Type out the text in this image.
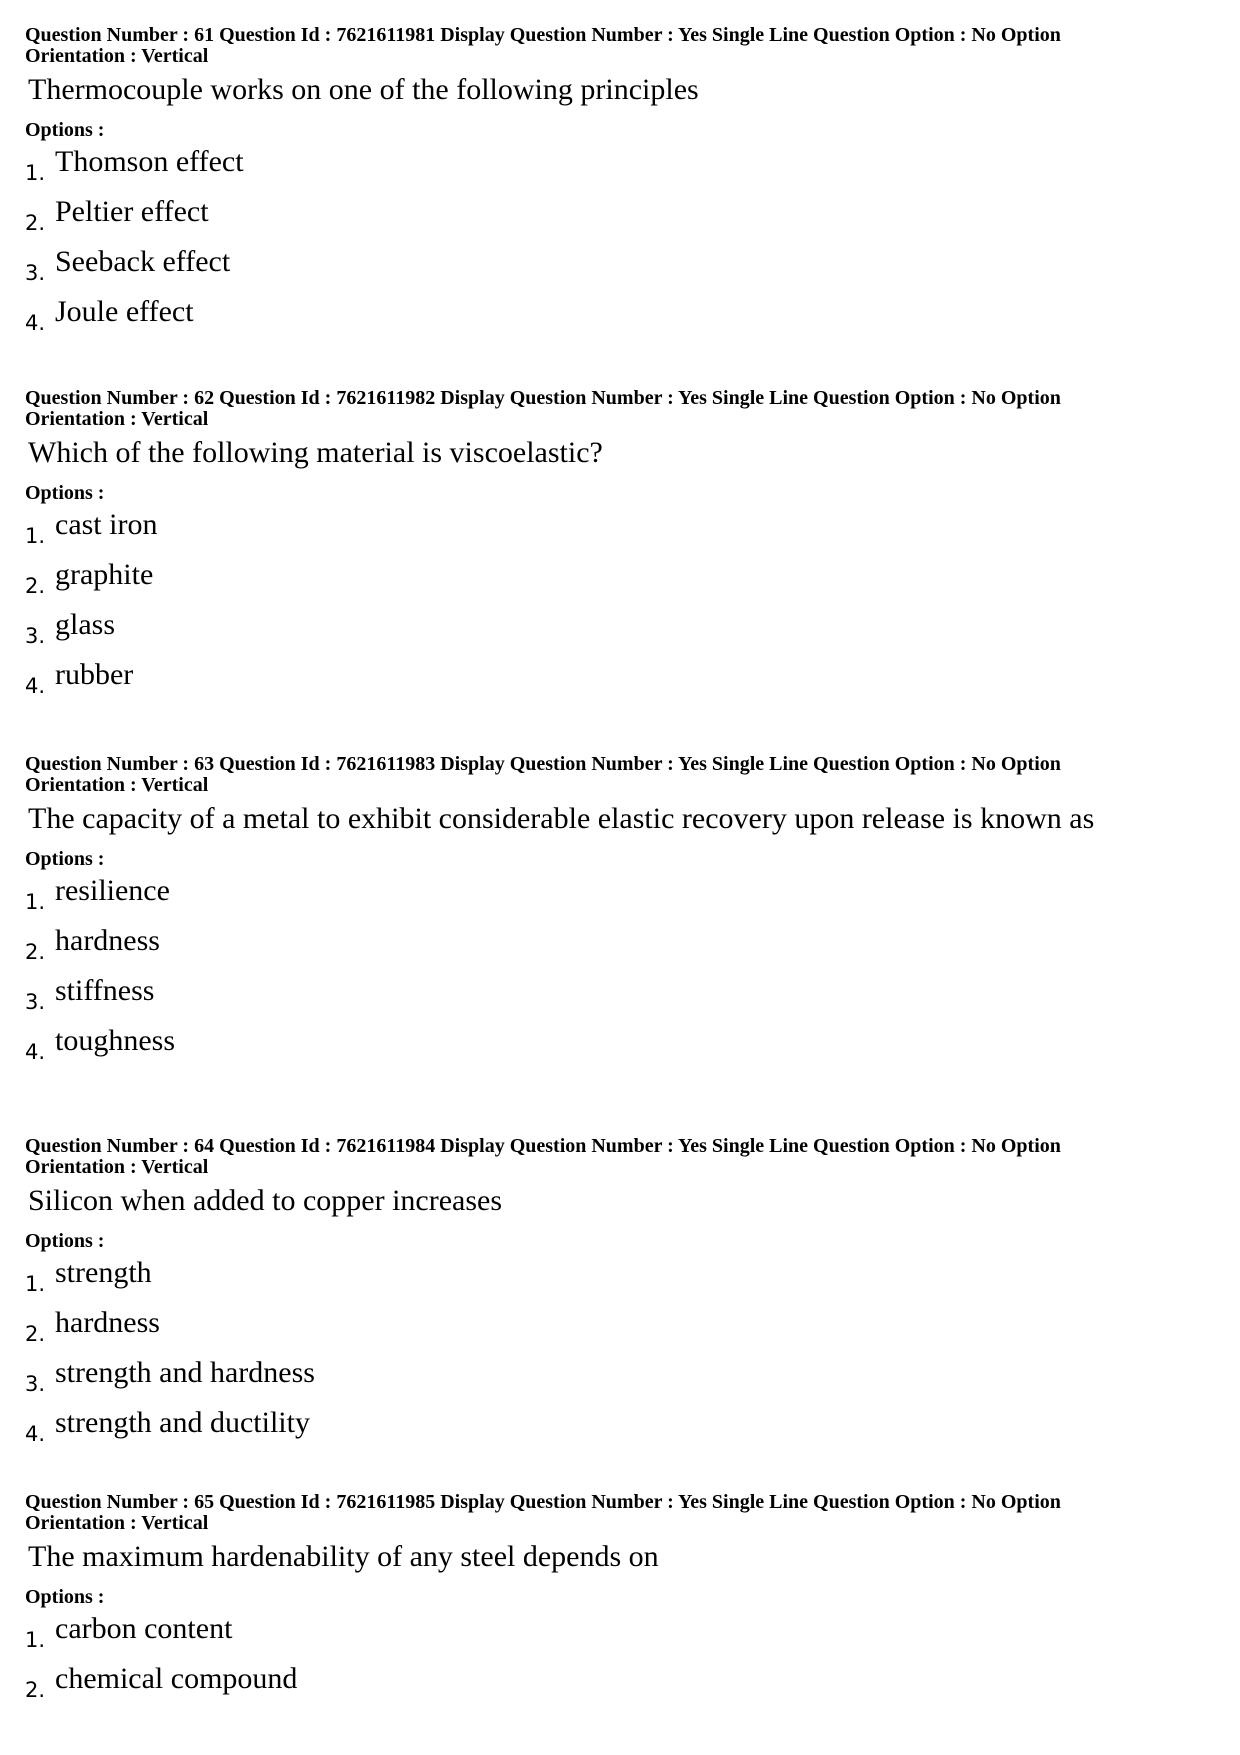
Question Number : 61 Question Id : 7621611981 Display Question Number : Yes Single Line Question Option : No Option
Orientation : Vertical

Thermocouple works on one of the following principles

Options :

1. Thomson effect
2. Peltier effect
3. Seeback effect
4. Joule effect

Question Number : 62 Question Id : 7621611982 Display Question Number : Yes Single Line Question Option : No Option
Orientation : Vertical

Which of the following material is viscoelastic?

Options :

1. cast iron
2. graphite
3. glass
4. rubber

Question Number : 63 Question Id : 7621611983 Display Question Number : Yes Single Line Question Option : No Option
Orientation : Vertical

The capacity of a metal to exhibit considerable elastic recovery upon release is known as

Options :

1. resilience
2. hardness
3. stiffness
4. toughness

Question Number : 64 Question Id : 7621611984 Display Question Number : Yes Single Line Question Option : No Option
Orientation : Vertical

Silicon when added to copper increases

Options :

1. strength
2. hardness
3. strength and hardness
4. strength and ductility

Question Number : 65 Question Id : 7621611985 Display Question Number : Yes Single Line Question Option : No Option
Orientation : Vertical

The maximum hardenability of any steel depends on

Options :

1. carbon content
2. chemical compound
